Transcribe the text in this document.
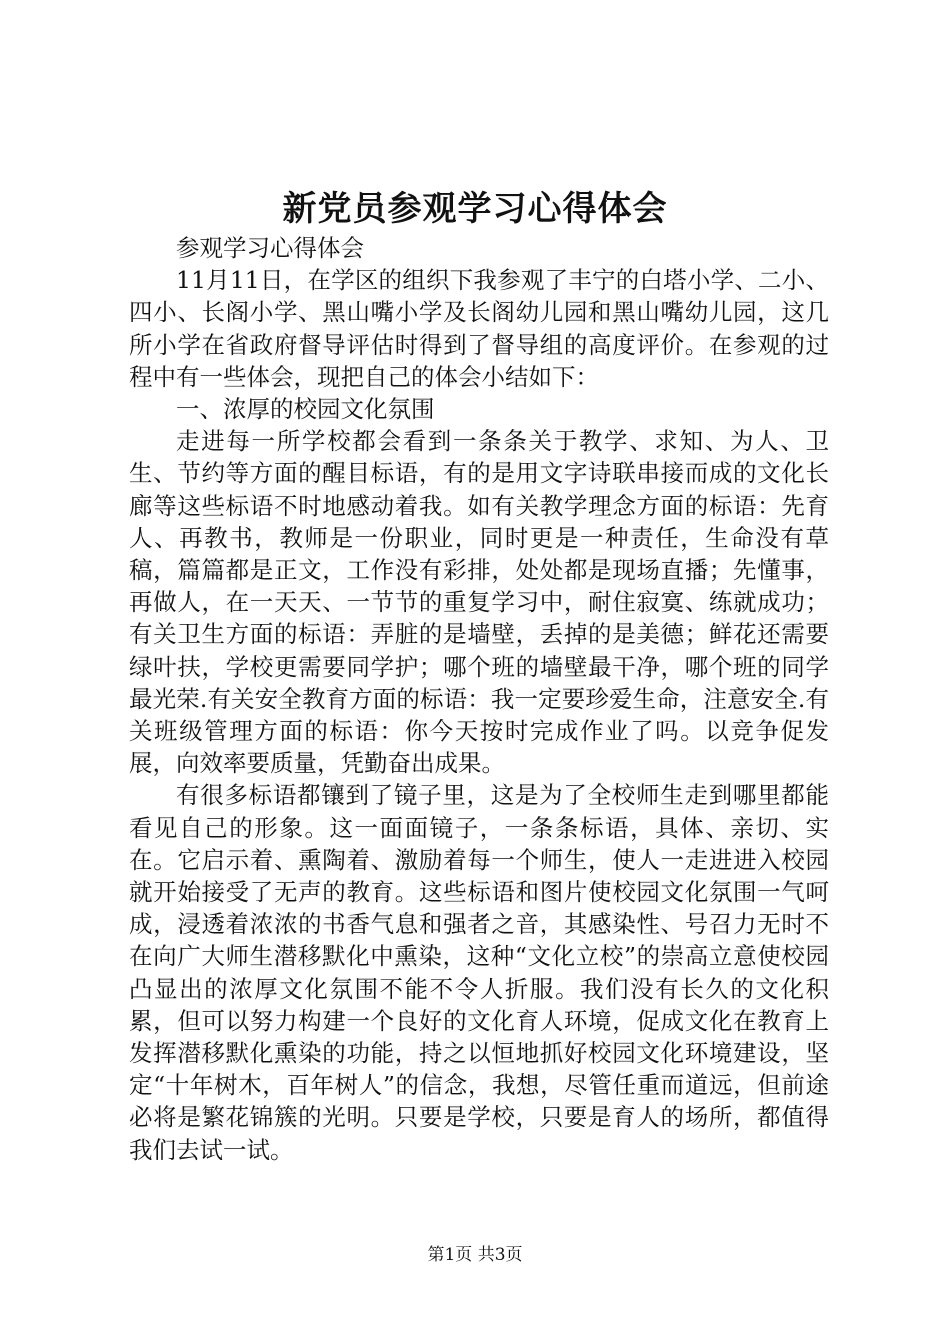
新党员参观学习心得体会

参观学习心得体会

11月11日，在学区的组织下我参观了丰宁的白塔小学、二小、四小、长阁小学、黑山嘴小学及长阁幼儿园和黑山嘴幼儿园，这几所小学在省政府督导评估时得到了督导组的高度评价。在参观的过程中有一些体会，现把自己的体会小结如下：

一、浓厚的校园文化氛围

走进每一所学校都会看到一条条关于教学、求知、为人、卫生、节约等方面的醒目标语，有的是用文字诗联串接而成的文化长廊等这些标语不时地感动着我。如有关教学理念方面的标语：先育人、再教书，教师是一份职业，同时更是一种责任，生命没有草稿，篇篇都是正文，工作没有彩排，处处都是现场直播；先懂事，再做人，在一天天、一节节的重复学习中，耐住寂寞、练就成功；有关卫生方面的标语：弄脏的是墙壁，丢掉的是美德；鲜花还需要绿叶扶，学校更需要同学护；哪个班的墙壁最干净，哪个班的同学最光荣.有关安全教育方面的标语：我一定要珍爱生命，注意安全.有关班级管理方面的标语：你今天按时完成作业了吗。以竞争促发展，向效率要质量，凭勤奋出成果。

有很多标语都镶到了镜子里，这是为了全校师生走到哪里都能看见自己的形象。这一面面镜子，一条条标语，具体、亲切、实在。它启示着、熏陶着、激励着每一个师生，使人一走进进入校园就开始接受了无声的教育。这些标语和图片使校园文化氛围一气呵成，浸透着浓浓的书香气息和强者之音，其感染性、号召力无时不在向广大师生潜移默化中熏染，这种“文化立校”的崇高立意使校园凸显出的浓厚文化氛围不能不令人折服。我们没有长久的文化积累，但可以努力构建一个良好的文化育人环境，促成文化在教育上发挥潜移默化熏染的功能，持之以恒地抓好校园文化环境建设，坚定“十年树木，百年树人”的信念，我想，尽管任重而道远，但前途必将是繁花锦簇的光明。只要是学校，只要是育人的场所，都值得我们去试一试。

第1页 共3页
